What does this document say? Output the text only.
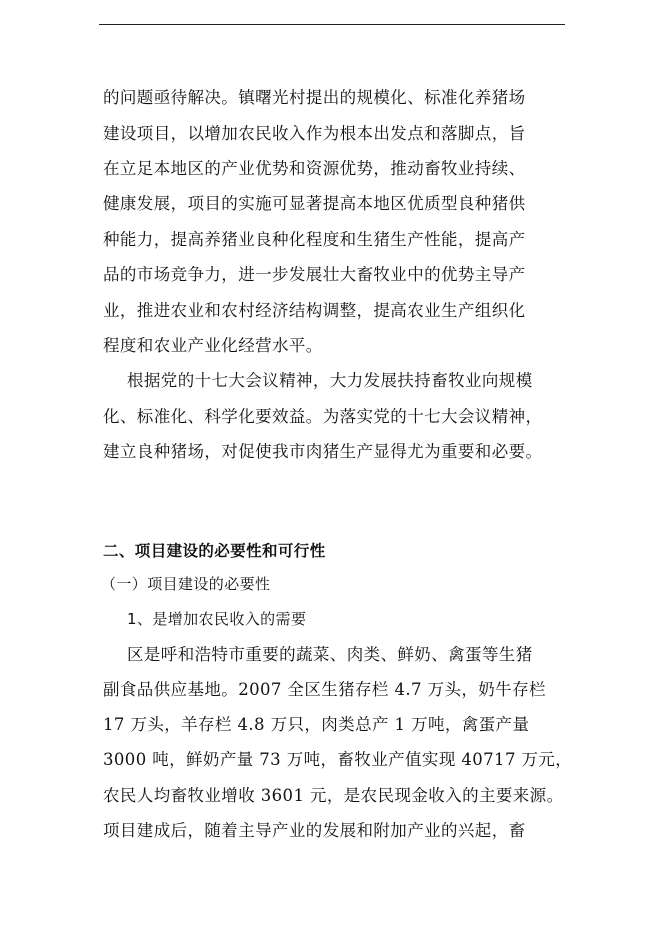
的问题亟待解决。镇曙光村提出的规模化、标准化养猪场
建设项目，以增加农民收入作为根本出发点和落脚点，旨
在立足本地区的产业优势和资源优势，推动畜牧业持续、
健康发展，项目的实施可显著提高本地区优质型良种猪供
种能力，提高养猪业良种化程度和生猪生产性能，提高产
品的市场竞争力，进一步发展壮大畜牧业中的优势主导产
业，推进农业和农村经济结构调整，提高农业生产组织化
程度和农业产业化经营水平。
根据党的十七大会议精神，大力发展扶持畜牧业向规模
化、标准化、科学化要效益。为落实党的十七大会议精神，
建立良种猪场，对促使我市肉猪生产显得尤为重要和必要。
二、项目建设的必要性和可行性
（一）项目建设的必要性
1、是增加农民收入的需要
区是呼和浩特市重要的蔬菜、肉类、鲜奶、禽蛋等生猪
副食品供应基地。2007 全区生猪存栏 4.7 万头，奶牛存栏
17 万头，羊存栏 4.8 万只，肉类总产 1 万吨，禽蛋产量
3000 吨，鲜奶产量 73 万吨，畜牧业产值实现 40717 万元，
农民人均畜牧业增收 3601 元，是农民现金收入的主要来源。
项目建成后，随着主导产业的发展和附加产业的兴起，畜
